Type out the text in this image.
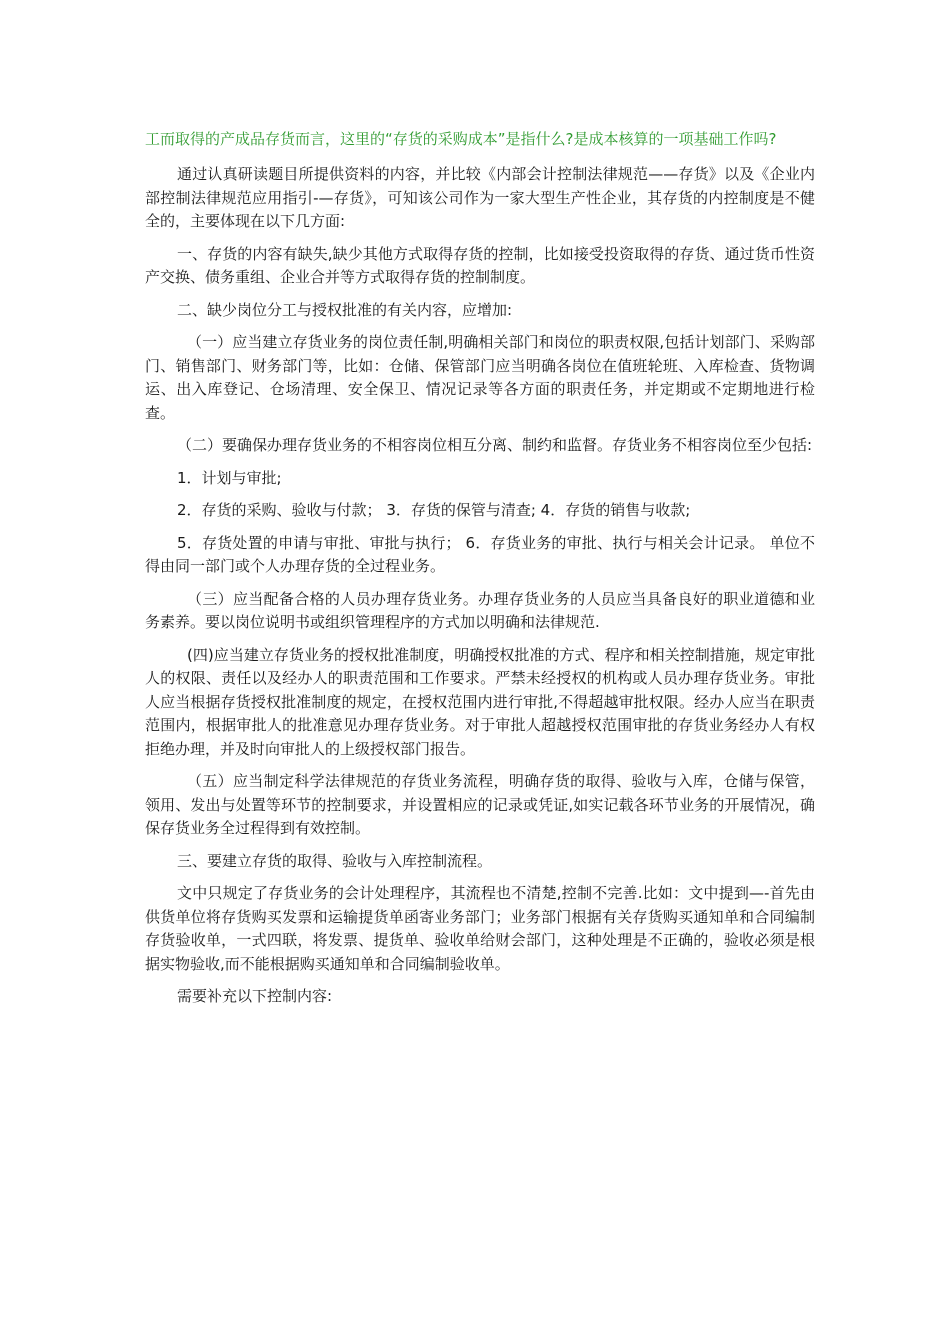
工而取得的产成品存货而言，这里的“存货的采购成本”是指什么?是成本核算的一项基础工作吗?

通过认真研读题目所提供资料的内容，并比较《内部会计控制法律规范——存货》以及《企业内部控制法律规范应用指引-—存货》，可知该公司作为一家大型生产性企业，其存货的内控制度是不健全的，主要体现在以下几方面:

一、存货的内容有缺失,缺少其他方式取得存货的控制，比如接受投资取得的存货、通过货币性资产交换、债务重组、企业合并等方式取得存货的控制制度。

二、缺少岗位分工与授权批准的有关内容，应增加:

（一）应当建立存货业务的岗位责任制,明确相关部门和岗位的职责权限,包括计划部门、采购部门、销售部门、财务部门等，比如：仓储、保管部门应当明确各岗位在值班轮班、入库检查、货物调运、出入库登记、仓场清理、安全保卫、情况记录等各方面的职责任务，并定期或不定期地进行检查。

（二）要确保办理存货业务的不相容岗位相互分离、制约和监督。存货业务不相容岗位至少包括:

1．计划与审批;

2．存货的采购、验收与付款； 3．存货的保管与清查; 4．存货的销售与收款;

5．存货处置的申请与审批、审批与执行； 6．存货业务的审批、执行与相关会计记录。 单位不得由同一部门或个人办理存货的全过程业务。

（三）应当配备合格的人员办理存货业务。办理存货业务的人员应当具备良好的职业道德和业务素养。要以岗位说明书或组织管理程序的方式加以明确和法律规范.

(四)应当建立存货业务的授权批准制度，明确授权批准的方式、程序和相关控制措施，规定审批人的权限、责任以及经办人的职责范围和工作要求。严禁未经授权的机构或人员办理存货业务。审批人应当根据存货授权批准制度的规定，在授权范围内进行审批,不得超越审批权限。经办人应当在职责范围内，根据审批人的批准意见办理存货业务。对于审批人超越授权范围审批的存货业务经办人有权拒绝办理，并及时向审批人的上级授权部门报告。

（五）应当制定科学法律规范的存货业务流程，明确存货的取得、验收与入库，仓储与保管，领用、发出与处置等环节的控制要求，并设置相应的记录或凭证,如实记载各环节业务的开展情况，确保存货业务全过程得到有效控制。

三、要建立存货的取得、验收与入库控制流程。

文中只规定了存货业务的会计处理程序，其流程也不清楚,控制不完善.比如：文中提到—-首先由供货单位将存货购买发票和运输提货单函寄业务部门；业务部门根据有关存货购买通知单和合同编制存货验收单，一式四联，将发票、提货单、验收单给财会部门，这种处理是不正确的，验收必须是根据实物验收,而不能根据购买通知单和合同编制验收单。

需要补充以下控制内容:
